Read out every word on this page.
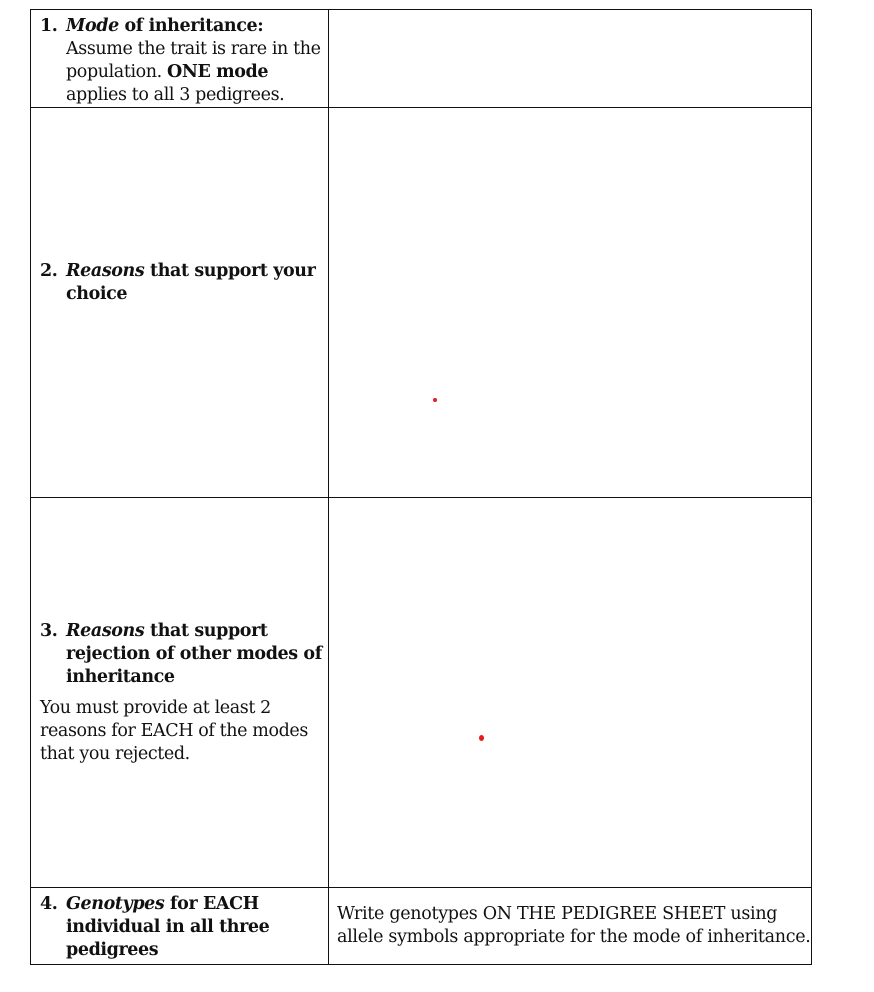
1. Mode of inheritance:
Assume the trait is rare in the population. ONE mode applies to all 3 pedigrees.	

2. Reasons that support your choice	

3. Reasons that support rejection of other modes of inheritance
You must provide at least 2 reasons for EACH of the modes that you rejected.	

4. Genotypes for EACH individual in all three pedigrees	Write genotypes ON THE PEDIGREE SHEET using allele symbols appropriate for the mode of inheritance.
